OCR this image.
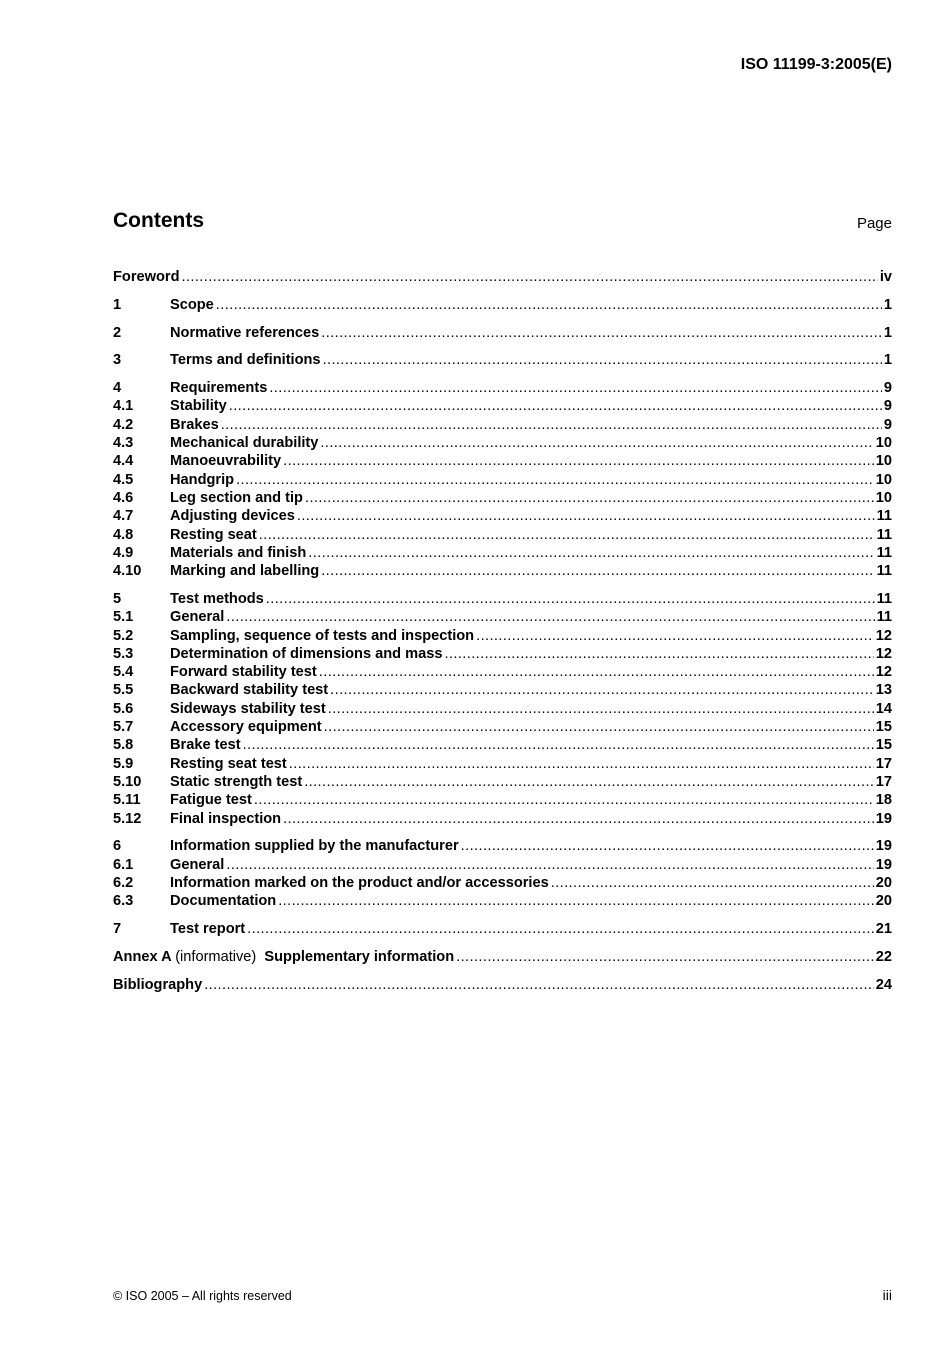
ISO 11199-3:2005(E)
Contents	Page
Foreword .....	iv
1	Scope .....	1
2	Normative references .....	1
3	Terms and definitions .....	1
4	Requirements .....	9
4.1	Stability .....	9
4.2	Brakes .....	9
4.3	Mechanical durability .....	10
4.4	Manoeuvrability .....	10
4.5	Handgrip .....	10
4.6	Leg section and tip .....	10
4.7	Adjusting devices .....	11
4.8	Resting seat .....	11
4.9	Materials and finish .....	11
4.10	Marking and labelling .....	11
5	Test methods .....	11
5.1	General .....	11
5.2	Sampling, sequence of tests and inspection .....	12
5.3	Determination of dimensions and mass .....	12
5.4	Forward stability test .....	12
5.5	Backward stability test .....	13
5.6	Sideways stability test .....	14
5.7	Accessory equipment .....	15
5.8	Brake test .....	15
5.9	Resting seat test .....	17
5.10	Static strength test .....	17
5.11	Fatigue test .....	18
5.12	Final inspection .....	19
6	Information supplied by the manufacturer .....	19
6.1	General .....	19
6.2	Information marked on the product and/or accessories .....	20
6.3	Documentation .....	20
7	Test report .....	21
Annex A (informative) Supplementary information .....	22
Bibliography .....	24
© ISO 2005 – All rights reserved	iii
